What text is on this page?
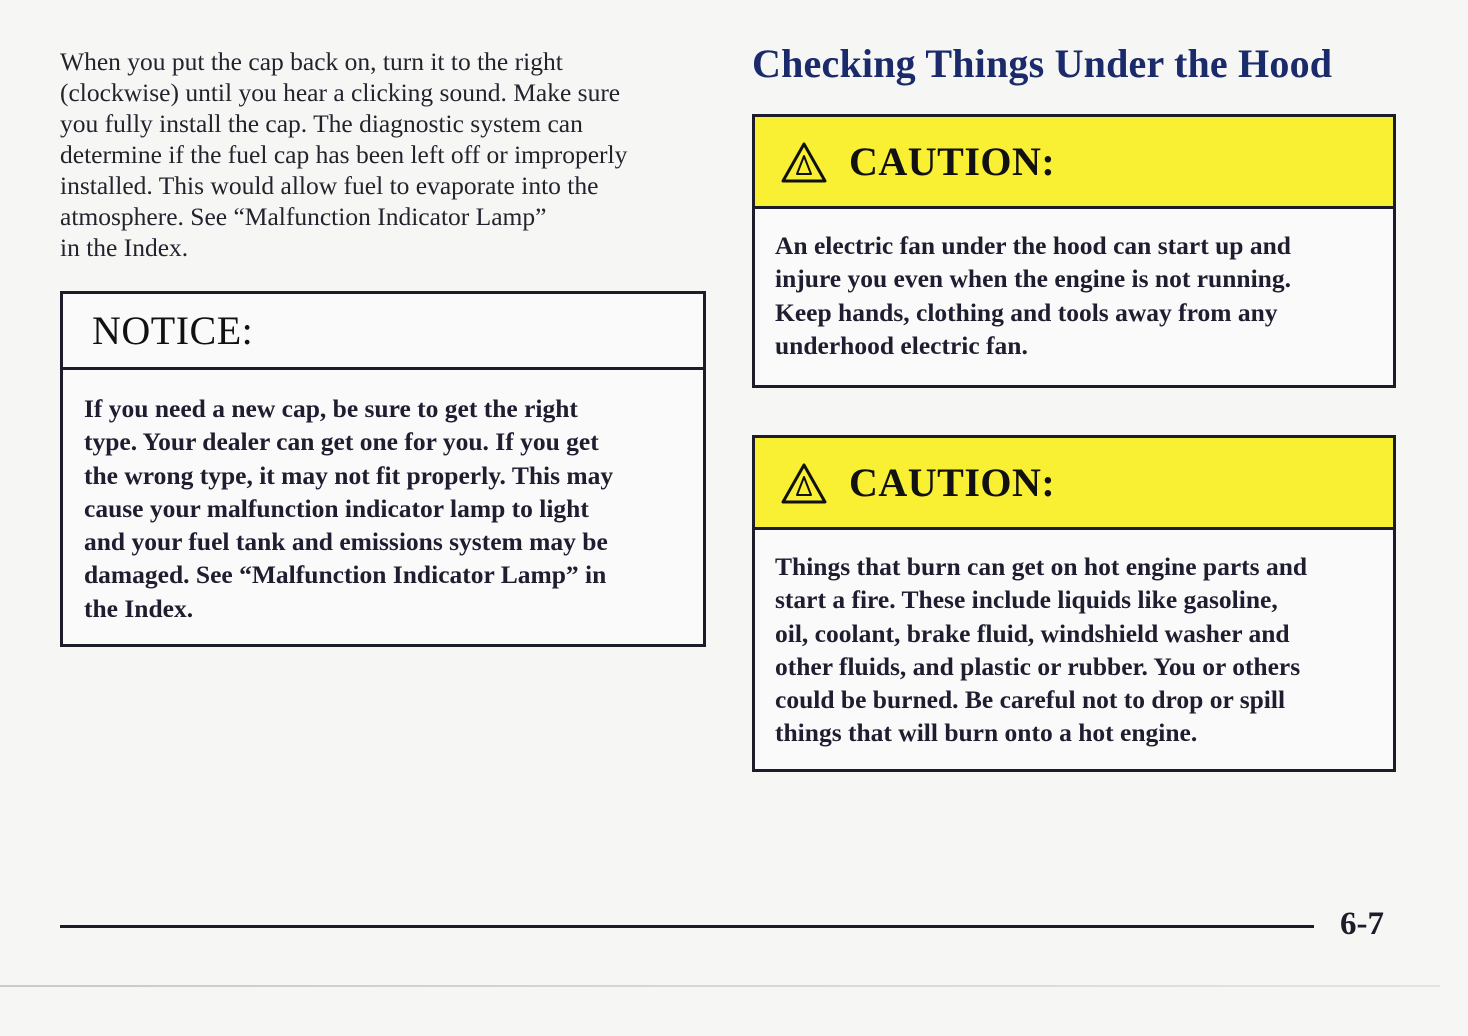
When you put the cap back on, turn it to the right
(clockwise) until you hear a clicking sound. Make sure
you fully install the cap. The diagnostic system can
determine if the fuel cap has been left off or improperly
installed. This would allow fuel to evaporate into the
atmosphere. See “Malfunction Indicator Lamp”
in the Index.
NOTICE:
If you need a new cap, be sure to get the right
type. Your dealer can get one for you. If you get
the wrong type, it may not fit properly. This may
cause your malfunction indicator lamp to light
and your fuel tank and emissions system may be
damaged. See “Malfunction Indicator Lamp” in
the Index.
Checking Things Under the Hood
CAUTION:
An electric fan under the hood can start up and
injure you even when the engine is not running.
Keep hands, clothing and tools away from any
underhood electric fan.
CAUTION:
Things that burn can get on hot engine parts and
start a fire. These include liquids like gasoline,
oil, coolant, brake fluid, windshield washer and
other fluids, and plastic or rubber. You or others
could be burned. Be careful not to drop or spill
things that will burn onto a hot engine.
6-7
